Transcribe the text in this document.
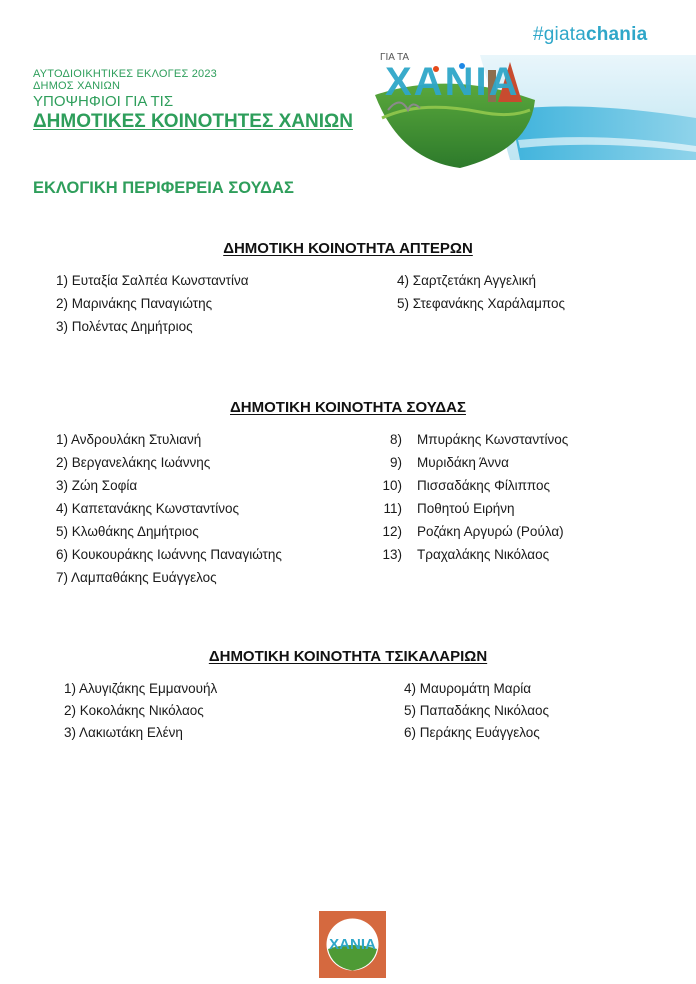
ΑΥΤΟΔΙΟΙΚΗΤΙΚΕΣ ΕΚΛΟΓΕΣ 2023
ΔΗΜΟΣ ΧΑΝΙΩΝ
ΥΠΟΨΗΦΙΟΙ ΓΙΑ ΤΙΣ
ΔΗΜΟΤΙΚΕΣ ΚΟΙΝΟΤΗΤΕΣ ΧΑΝΙΩΝ
ΓΙΑ ΤΑ
ΧΑΝΙΑ
#giatachania
ΕΚΛΟΓΙΚΗ ΠΕΡΙΦΕΡΕΙΑ ΣΟΥΔΑΣ
ΔΗΜΟΤΙΚΗ ΚΟΙΝΟΤΗΤΑ ΑΠΤΕΡΩΝ
1) Ευταξία Σαλπέα Κωνσταντίνα
2) Μαρινάκης Παναγιώτης
3) Πολέντας Δημήτριος
4) Σαρτζετάκη Αγγελική
5) Στεφανάκης Χαράλαμπος
ΔΗΜΟΤΙΚΗ ΚΟΙΝΟΤΗΤΑ ΣΟΥΔΑΣ
1) Ανδρουλάκη Στυλιανή
2) Βεργανελάκης Ιωάννης
3) Ζώη Σοφία
4) Καπετανάκης Κωνσταντίνος
5) Κλωθάκης Δημήτριος
6) Κουκουράκης Ιωάννης Παναγιώτης
7) Λαμπαθάκης Ευάγγελος
8) Μπυράκης Κωνσταντίνος
9) Μυριδάκη Άννα
10) Πισσαδάκης Φίλιππος
11) Ποθητού Ειρήνη
12) Ροζάκη Αργυρώ (Ρούλα)
13) Τραχαλάκης Νικόλαος
ΔΗΜΟΤΙΚΗ ΚΟΙΝΟΤΗΤΑ ΤΣΙΚΑΛΑΡΙΩΝ
1) Αλυγιζάκης Εμμανουήλ
2) Κοκολάκης Νικόλαος
3) Λακιωτάκη Ελένη
4) Μαυρομάτη Μαρία
5) Παπαδάκης Νικόλαος
6) Περάκης Ευάγγελος
ΧΑΝΙΑ
